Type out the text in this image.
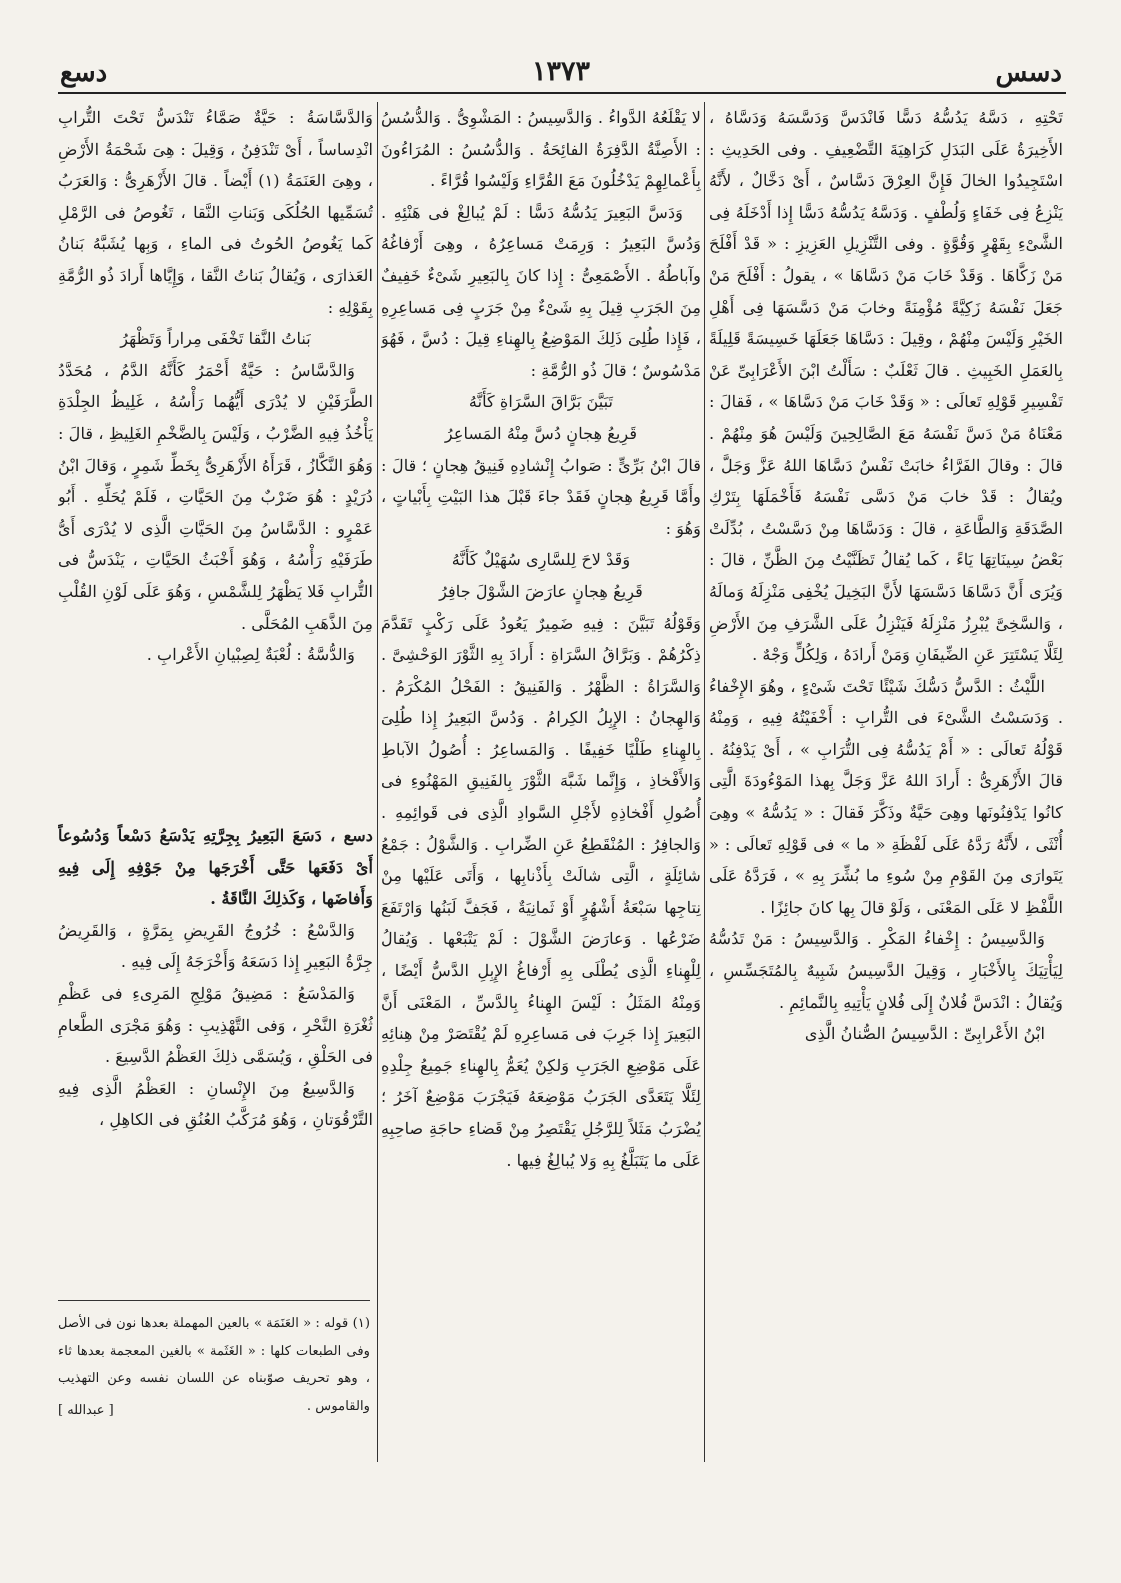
دسس
١٣٧٣
دسع

تَحْتِهِ ، دَسَّهُ يَدُسُّهُ دَسًّا فَانْدَسَّ وَدَسَّسَهُ وَدَسَّاهُ ، الأَخِيرَةُ عَلَى البَدَلِ كَرَاهِيَةَ التَّضْعِيفِ . وفى الحَدِيثِ : اسْتَجِيدُوا الخالَ فَإِنَّ العِرْقَ دَسَّاسٌ ، أَىْ دَخَّالٌ ، لأَنَّهُ يَنْزِعُ فِى خَفَاءٍ وَلُطْفٍ . وَدَسَّهُ يَدُسُّهُ دَسًّا إِذا أَدْخَلَهُ فِى الشَّىْءِ بِقَهْرٍ وَقُوَّةٍ . وفى التَّنْزِيلِ العَزِيزِ : « قَدْ أَفْلَحَ مَنْ زَكَّاهَا . وَقَدْ خَابَ مَنْ دَسَّاهَا » ، يقولُ : أَفْلَحَ مَنْ جَعَلَ نَفْسَهُ زَكِيَّةً مُؤْمِنَةً وخابَ مَنْ دَسَّسَهَا فِى أَهْلِ الخَيْرِ وَلَيْسَ مِنْهُمْ ، وقِيلَ : دَسَّاهَا جَعَلَهَا خَسِيسَةً قَلِيلَةً بِالعَمَلِ الخَبِيثِ . قالَ ثَعْلَبٌ : سَأَلْتُ ابْنَ الأَعْرَابِىِّ عَنْ تَفْسِيرِ قَوْلِهِ تَعالَى : « وَقَدْ خَابَ مَنْ دَسَّاهَا » ، فَقالَ : مَعْنَاهُ مَنْ دَسَّ نَفْسَهُ مَعَ الصَّالِحِينَ وَلَيْسَ هُوَ مِنْهُمْ . قالَ : وقالَ الفَرَّاءُ خابَتْ نَفْسٌ دَسَّاهَا اللهُ عَزَّ وَجَلَّ ، ويُقالُ : قَدْ خابَ مَنْ دَسَّى نَفْسَهُ فَأَخْمَلَهَا بِتَرْكِ الصَّدَقَةِ وَالطَّاعَةِ ، قالَ : وَدَسَّاهَا مِنْ دَسَّسْتُ ، بُدِّلَتْ بَعْضُ سِينَاتِهَا يَاءً ، كَما يُقالُ تَظَنَّيْتُ مِنَ الظَّنِّ ، قالَ : وَيُرَى أَنَّ دَسَّاهَا دَسَّسَهَا لأَنَّ البَخِيلَ يُخْفِى مَنْزِلَهُ وَمالَهُ ، وَالسَّخِىَّ يُبْرِزُ مَنْزِلَهُ فَيَنْزِلُ عَلَى الشَّرَفِ مِنَ الأَرْضِ لِئَلَّا يَسْتَتِرَ عَنِ الضِّيفَانِ وَمَنْ أَرادَهُ ، وَلِكُلٍّ وَجْهٌ .

اللَّيْثُ : الدَّسُّ دَسُّكَ شَيْئًا تَحْتَ شَىْءٍ ، وهُوَ الإِخْفاءُ . وَدَسَسْتُ الشَّىْءَ فى التُّرابِ : أَخْفَيْتُهُ فِيهِ ، وَمِنْهُ قَوْلُهُ تَعالَى : « أَمْ يَدُسُّهُ فِى التُّرَابِ » ، أَىْ يَدْفِنُهُ . قالَ الأَزْهَرِىُّ : أَرادَ اللهُ عَزَّ وَجَلَّ بِهذا المَوْءُودَةَ الَّتِى كانُوا يَدْفِنُونَها وهِىَ حَيَّةٌ وذَكَّرَ فَقالَ : « يَدُسُّهُ » وهِىَ أُنْثَى ، لأَنَّهُ رَدَّهُ عَلَى لَفْظَةِ « ما » فى قَوْلِهِ تَعالَى : « يَتَوارَى مِنَ القَوْمِ مِنْ سُوءِ ما بُشِّرَ بِهِ » ، فَرَدَّهُ عَلَى اللَّفْظِ لا عَلَى المَعْنَى ، وَلَوْ قالَ بِها كانَ جائِزًا .

وَالدَّسِيسُ : إِخْفاءُ المَكْرِ . وَالدَّسِيسُ : مَنْ تَدُسُّهُ لِيَأْتِيَكَ بِالأَخْبَارِ ، وَقِيلَ الدَّسِيسُ شَبِيهٌ بِالمُتَجَسِّسِ ، وَيُقالُ : انْدَسَّ فُلانٌ إِلَى فُلانٍ يَأْتِيهِ بِالنَّمائِمِ .

ابْنُ الأَعْرابِىِّ : الدَّسِيسُ الصُّنانُ الَّذِى

لا يَقْلَعُهُ الدَّواءُ . وَالدَّسِيسُ : المَشْوِىُّ . وَالدُّسُسُ : الأَصِنَّةُ الدَّفِرَةُ الفائِحَةُ . وَالدُّسُسُ : المُرَاءُونَ بِأَعْمالِهِمْ يَدْخُلُونَ مَعَ القُرَّاءِ وَلَيْسُوا قُرَّاءً .

وَدَسَّ البَعِيرَ يَدُسُّهُ دَسًّا : لَمْ يُبالِغْ فى هَنْئِهِ . وَدُسَّ البَعِيرُ : وَرِمَتْ مَساعِرُهُ ، وهِىَ أَرْفاغُهُ وآباطُهُ . الأَصْمَعِىُّ : إِذا كانَ بِالبَعِيرِ شَىْءٌ خَفِيفٌ مِنَ الجَرَبِ قِيلَ بِهِ شَىْءٌ مِنْ جَرَبٍ فِى مَساعِرِهِ ، فَإِذا طُلِىَ ذَلِكَ المَوْضِعُ بِالهِناءِ قِيلَ : دُسَّ ، فَهُوَ مَدْسُوسٌ ؛ قالَ ذُو الرُّمَّةِ :

تَبَيَّنَ بَرَّاقَ السَّرَاةِ كَأَنَّهُ

قَرِيعُ هِجانٍ دُسَّ مِنْهُ المَساعِرُ

قالَ ابْنُ بَرِّىٍّ : صَوابُ إِنْشادِهِ فَنِيقُ هِجانٍ ؛ قالَ : وأَمَّا قَرِيعُ هِجانٍ فَقَدْ جاءَ قَبْلَ هذا البَيْتِ بِأَبْياتٍ ، وَهُوَ :

وَقَدْ لاحَ لِلسَّارِى سُهَيْلٌ كَأَنَّهُ

قَرِيعُ هِجانٍ عارَضَ الشَّوْلَ جافِرُ

وَقَوْلُهُ تَبَيَّنَ : فِيهِ ضَمِيرٌ يَعُودُ عَلَى رَكْبٍ تَقَدَّمَ ذِكْرُهُمْ . وَبَرَّاقُ السَّرَاةِ : أَرادَ بِهِ الثَّوْرَ الوَحْشِىَّ . وَالسَّرَاةُ : الظَّهْرُ . وَالفَنِيقُ : الفَحْلُ المُكْرَمُ . وَالهِجانُ : الإِبِلُ الكِرامُ . وَدُسَّ البَعِيرُ إِذا طُلِىَ بِالهِناءِ طَلْيًا خَفِيفًا . وَالمَساعِرُ : أُصُولُ الآباطِ وَالأَفْخاذِ ، وَإِنَّما شَبَّهَ الثَّوْرَ بِالفَنِيقِ المَهْنُوءِ فى أُصُولِ أَفْخاذِهِ لأَجْلِ السَّوادِ الَّذِى فى قَوائِمِهِ . وَالجافِرُ : المُنْقَطِعُ عَنِ الضِّرابِ . وَالشَّوْلُ : جَمْعُ شائِلَةٍ ، الَّتِى شالَتْ بِأَذْنابِها ، وَأَتَى عَلَيْها مِنْ نِتاجِها سَبْعَةُ أَشْهُرٍ أَوْ ثَمانِيَةٌ ، فَجَفَّ لَبَنُها وَارْتَفَعَ ضَرْعُها . وَعارَضَ الشَّوْلَ : لَمْ يَتْبَعْها . وَيُقالُ لِلْهِناءِ الَّذِى يُطْلَى بِهِ أَرْفاغُ الإِبِلِ الدَّسُّ أَيْضًا ، وَمِنْهُ المَثَلُ : لَيْسَ الهِناءُ بِالدَّسِّ ، المَعْنَى أَنَّ البَعِيرَ إِذا جَرِبَ فى مَساعِرِهِ لَمْ يُقْتَصَرْ مِنْ هِنائِهِ عَلَى مَوْضِعِ الجَرَبِ وَلكِنْ يُعَمُّ بِالهِناءِ جَمِيعُ جِلْدِهِ لِئَلَّا يَتَعَدَّى الجَرَبُ مَوْضِعَهُ فَيَجْرَبَ مَوْضِعٌ آخَرُ ؛ يُضْرَبُ مَثَلاً لِلرَّجُلِ يَقْتَصِرُ مِنْ قَضاءِ حاجَةِ صاحِبِهِ عَلَى ما يَتَبَلَّغُ بِهِ وَلا يُبالِغُ فِيها .

وَالدَّسَّاسَةُ : حَيَّةٌ صَمَّاءُ تَنْدَسُّ تَحْتَ التُّرابِ انْدِساساً ، أَىْ تَنْدَفِنُ ، وَقِيلَ : هِىَ شَحْمَةُ الأَرْضِ ، وهِىَ العَنَمَةُ (١) أَيْضاً . قالَ الأَزْهَرِىُّ : وَالعَرَبُ تُسَمِّيها الحُلُكَى وَبَناتِ النَّقا ، تَغُوصُ فى الرَّمْلِ كَما يَغُوصُ الحُوتُ فى الماءِ ، وَبِها يُشَبَّهُ بَنانُ العَذارَى ، وَيُقالُ بَناتُ النَّقا ، وَإِيَّاها أَرادَ ذُو الرُّمَّةِ بِقَوْلِهِ :

بَناتُ النَّقا تَخْفَى مِراراً وَتَظْهَرُ

وَالدَّسَّاسُ : حَيَّةٌ أَحْمَرُ كَأَنَّهُ الدَّمُ ، مُحَدَّدُ الطَّرَفَيْنِ لا يُدْرَى أَيُّهُما رَأْسُهُ ، غَلِيظُ الجِلْدَةِ يَأْخُذُ فِيهِ الضَّرْبُ ، وَلَيْسَ بِالضَّخْمِ الغَلِيظِ ، قالَ : وَهُوَ النَّكَّازُ ، قَرَأَهُ الأَزْهَرِىُّ بِخَطِّ شَمِرٍ ، وَقالَ ابْنُ دُرَيْدٍ : هُوَ ضَرْبٌ مِنَ الحَيَّاتِ ، فَلَمْ يُحَلِّهِ . أَبُو عَمْرٍو : الدَّسَّاسُ مِنَ الحَيَّاتِ الَّذِى لا يُدْرَى أَىُّ طَرَفَيْهِ رَأْسُهُ ، وَهُوَ أَخْبَثُ الحَيَّاتِ ، يَنْدَسُّ فى التُّرابِ فَلا يَظْهَرُ لِلشَّمْسِ ، وَهُوَ عَلَى لَوْنِ القُلْبِ مِنَ الذَّهَبِ المُحَلَّى .

وَالدُّسَّةُ : لُعْبَةٌ لِصِبْيانِ الأَعْرابِ .

دسع ، دَسَعَ البَعِيرُ بِجِرَّتِهِ يَدْسَعُ دَسْعاً وَدُسُوعاً أَىْ دَفَعَها حَتَّى أَخْرَجَها مِنْ جَوْفِهِ إِلَى فِيهِ وَأَفاضَها ، وَكَذلِكَ النَّاقَةُ .

وَالدَّسْعُ : خُرُوجُ القَرِيضِ بِمَرَّةٍ ، وَالقَرِيضُ جِرَّةُ البَعِيرِ إِذا دَسَعَهُ وَأَخْرَجَهُ إِلَى فِيهِ .

وَالمَدْسَعُ : مَضِيقُ مَوْلِجِ المَرِىءِ فى عَظْمِ ثُغْرَةِ النَّحْرِ ، وَفى التَّهْذِيبِ : وَهُوَ مَجْرَى الطَّعامِ فى الحَلْقِ ، وَيُسَمَّى ذلِكَ العَظْمُ الدَّسِيعَ .

وَالدَّسِيعُ مِنَ الإِنْسانِ : العَظْمُ الَّذِى فِيهِ التَّرْقُوَتانِ ، وَهُوَ مُرَكَّبُ العُنُقِ فى الكاهِلِ ،

(١) قوله : « العَنَمَة » بالعين المهملة بعدها نون فى الأصل وفى الطبعات كلها : « الغَثَمة » بالغين المعجمة بعدها ثاء ، وهو تحريف صوّبناه عن اللسان نفسه وعن التهذيب والقاموس .

[ عبدالله ]
